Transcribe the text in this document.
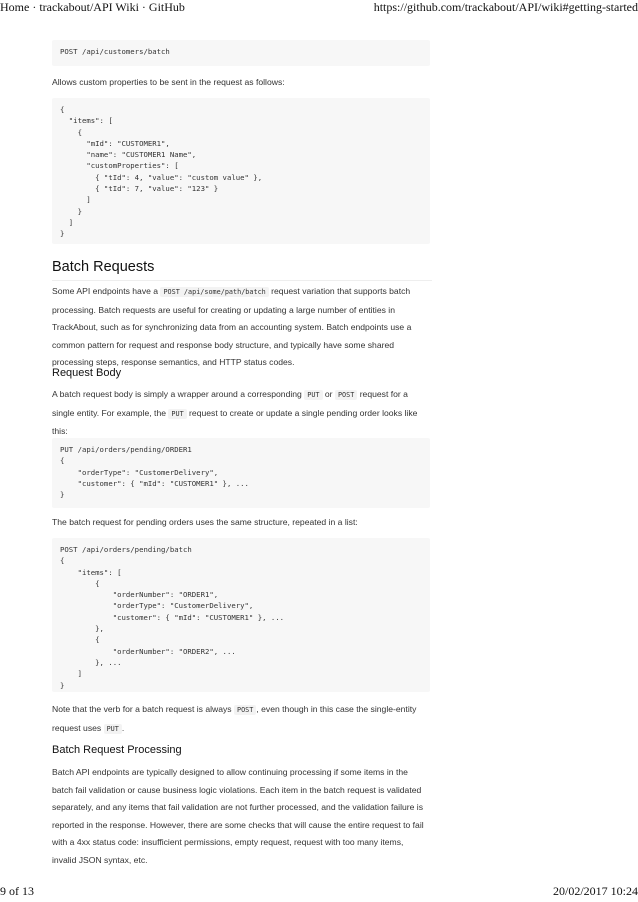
Home · trackabout/API Wiki · GitHub	https://github.com/trackabout/API/wiki#getting-started
POST /api/customers/batch
Allows custom properties to be sent in the request as follows:
{
"items": [
{
"mId": "CUSTOMER1",
"name": "CUSTOMER1 Name",
"customProperties": [
{ "tId": 4, "value": "custom value" },
{ "tId": 7, "value": "123" }
]
}
]
}
Batch Requests
Some API endpoints have a POST /api/some/path/batch request variation that supports batch processing. Batch requests are useful for creating or updating a large number of entities in TrackAbout, such as for synchronizing data from an accounting system. Batch endpoints use a common pattern for request and response body structure, and typically have some shared processing steps, response semantics, and HTTP status codes.
Request Body
A batch request body is simply a wrapper around a corresponding PUT or POST request for a single entity. For example, the PUT request to create or update a single pending order looks like this:
PUT /api/orders/pending/ORDER1
{
"orderType": "CustomerDelivery",
"customer": { "mId": "CUSTOMER1" }, ...
}
The batch request for pending orders uses the same structure, repeated in a list:
POST /api/orders/pending/batch
{
"items": [
{
"orderNumber": "ORDER1",
"orderType": "CustomerDelivery",
"customer": { "mId": "CUSTOMER1" }, ...
},
{
"orderNumber": "ORDER2", ...
}, ...
]
}
Note that the verb for a batch request is always POST , even though in this case the single-entity request uses PUT .
Batch Request Processing
Batch API endpoints are typically designed to allow continuing processing if some items in the batch fail validation or cause business logic violations. Each item in the batch request is validated separately, and any items that fail validation are not further processed, and the validation failure is reported in the response. However, there are some checks that will cause the entire request to fail with a 4xx status code: insufficient permissions, empty request, request with too many items, invalid JSON syntax, etc.
9 of 13	20/02/2017 10:24
